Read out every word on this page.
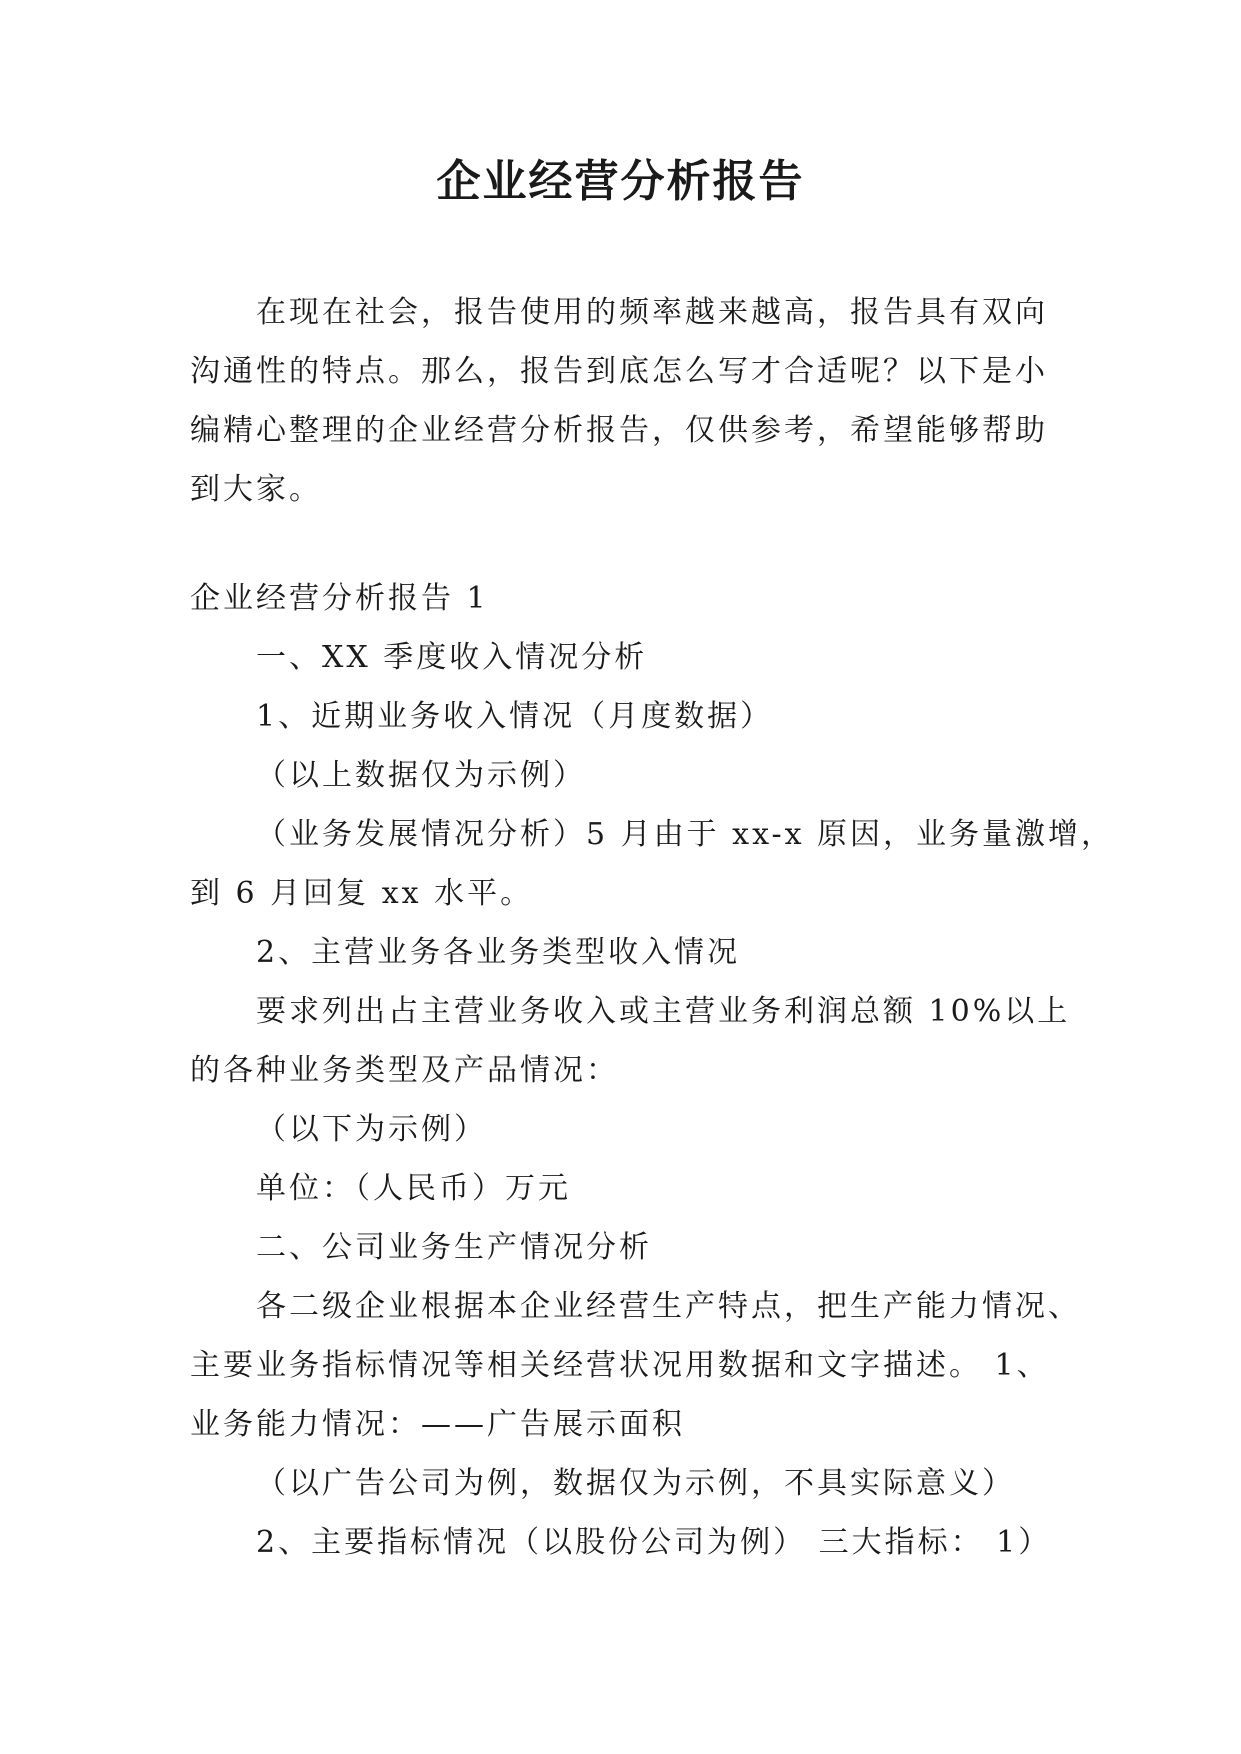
企业经营分析报告

在现在社会，报告使用的频率越来越高，报告具有双向

沟通性的特点。那么，报告到底怎么写才合适呢？以下是小

编精心整理的企业经营分析报告，仅供参考，希望能够帮助

到大家。

企业经营分析报告 1

一、XX 季度收入情况分析

1、近期业务收入情况（月度数据）

（以上数据仅为示例）

（业务发展情况分析）5 月由于 xx-x 原因，业务量激增，

到 6 月回复 xx 水平。

2、主营业务各业务类型收入情况

要求列出占主营业务收入或主营业务利润总额 10%以上

的各种业务类型及产品情况：

（以下为示例）

单位：（人民币）万元

二、公司业务生产情况分析

各二级企业根据本企业经营生产特点，把生产能力情况、

主要业务指标情况等相关经营状况用数据和文字描述。 1、

业务能力情况：——广告展示面积

（以广告公司为例，数据仅为示例，不具实际意义）

2、主要指标情况（以股份公司为例） 三大指标： 1）
